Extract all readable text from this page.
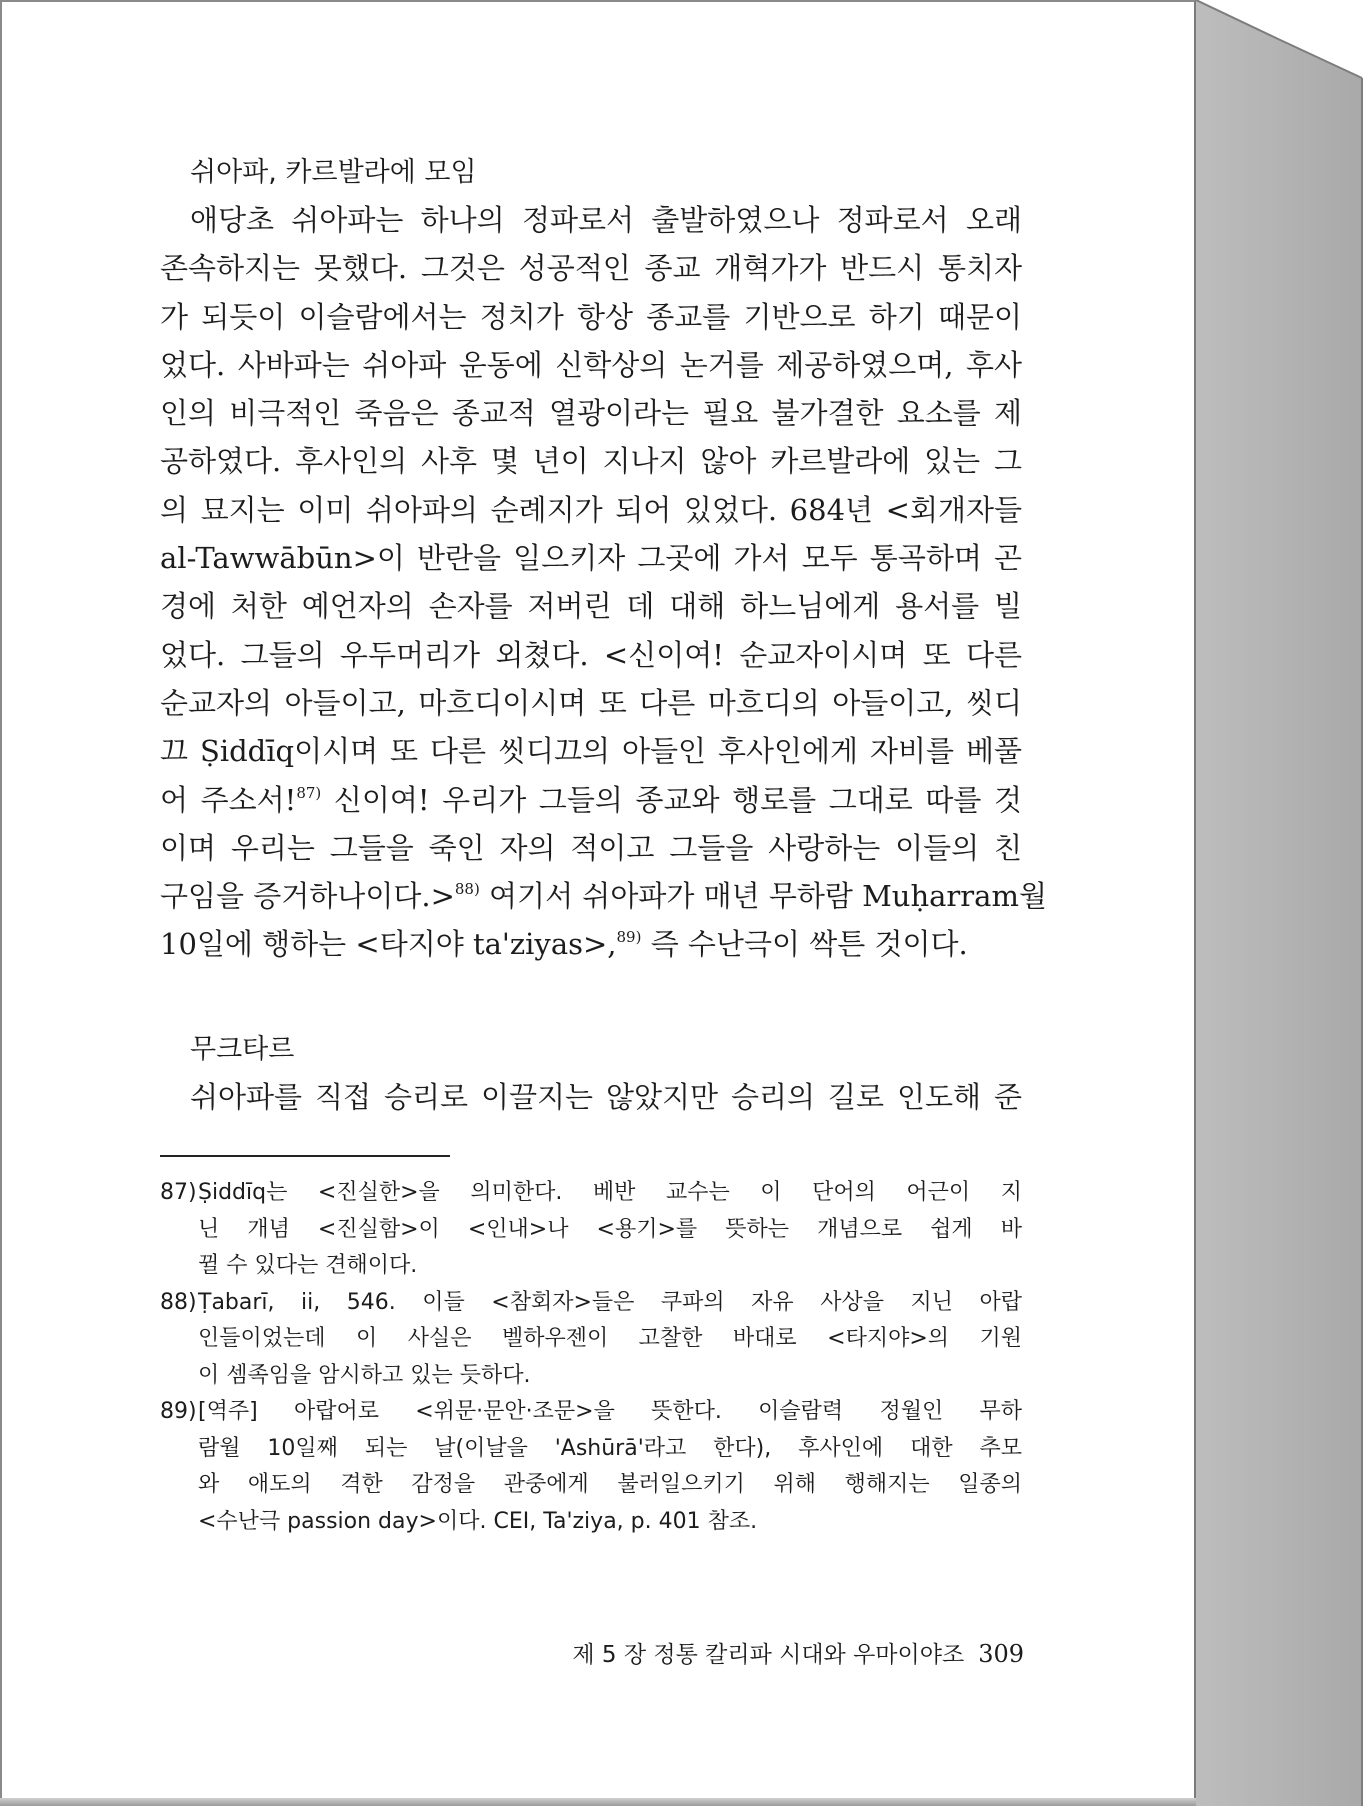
쉬아파, 카르발라에 모임
애당초 쉬아파는 하나의 정파로서 출발하였으나 정파로서 오래
존속하지는 못했다. 그것은 성공적인 종교 개혁가가 반드시 통치자
가 되듯이 이슬람에서는 정치가 항상 종교를 기반으로 하기 때문이
었다. 사바파는 쉬아파 운동에 신학상의 논거를 제공하였으며, 후사
인의 비극적인 죽음은 종교적 열광이라는 필요 불가결한 요소를 제
공하였다. 후사인의 사후 몇 년이 지나지 않아 카르발라에 있는 그
의 묘지는 이미 쉬아파의 순례지가 되어 있었다. 684년 <회개자들
al-Tawwābūn>이 반란을 일으키자 그곳에 가서 모두 통곡하며 곤
경에 처한 예언자의 손자를 저버린 데 대해 하느님에게 용서를 빌
었다. 그들의 우두머리가 외쳤다. <신이여! 순교자이시며 또 다른
순교자의 아들이고, 마흐디이시며 또 다른 마흐디의 아들이고, 씻디
끄 Ṣiddīq이시며 또 다른 씻디끄의 아들인 후사인에게 자비를 베풀
어 주소서!$^{87)}$ 신이여! 우리가 그들의 종교와 행로를 그대로 따를 것
이며 우리는 그들을 죽인 자의 적이고 그들을 사랑하는 이들의 친
구임을 증거하나이다.>$^{88)}$ 여기서 쉬아파가 매년 무하람 Muḥarram월
10일에 행하는 <타지야 ta'ziyas>,$^{89)}$ 즉 수난극이 싹튼 것이다.
무크타르
쉬아파를 직접 승리로 이끌지는 않았지만 승리의 길로 인도해 준
87) Ṣiddīq는 <진실한>을 의미한다. 베반 교수는 이 단어의 어근이 지
닌 개념 <진실함>이 <인내>나 <용기>를 뜻하는 개념으로 쉽게 바
뀔 수 있다는 견해이다.
88) Ṭabarī, ii, 546. 이들 <참회자>들은 쿠파의 자유 사상을 지닌 아랍
인들이었는데 이 사실은 벨하우젠이 고찰한 바대로 <타지야>의 기원
이 셈족임을 암시하고 있는 듯하다.
89) [역주] 아랍어로 <위문·문안·조문>을 뜻한다. 이슬람력 정월인 무하
람월 10일째 되는 날(이날을 'Ashūrā'라고 한다), 후사인에 대한 추모
와 애도의 격한 감정을 관중에게 불러일으키기 위해 행해지는 일종의
<수난극 passion day>이다. CEI, Ta'ziya, p. 401 참조.
제 5 장 정통 칼리파 시대와 우마이야조 309
